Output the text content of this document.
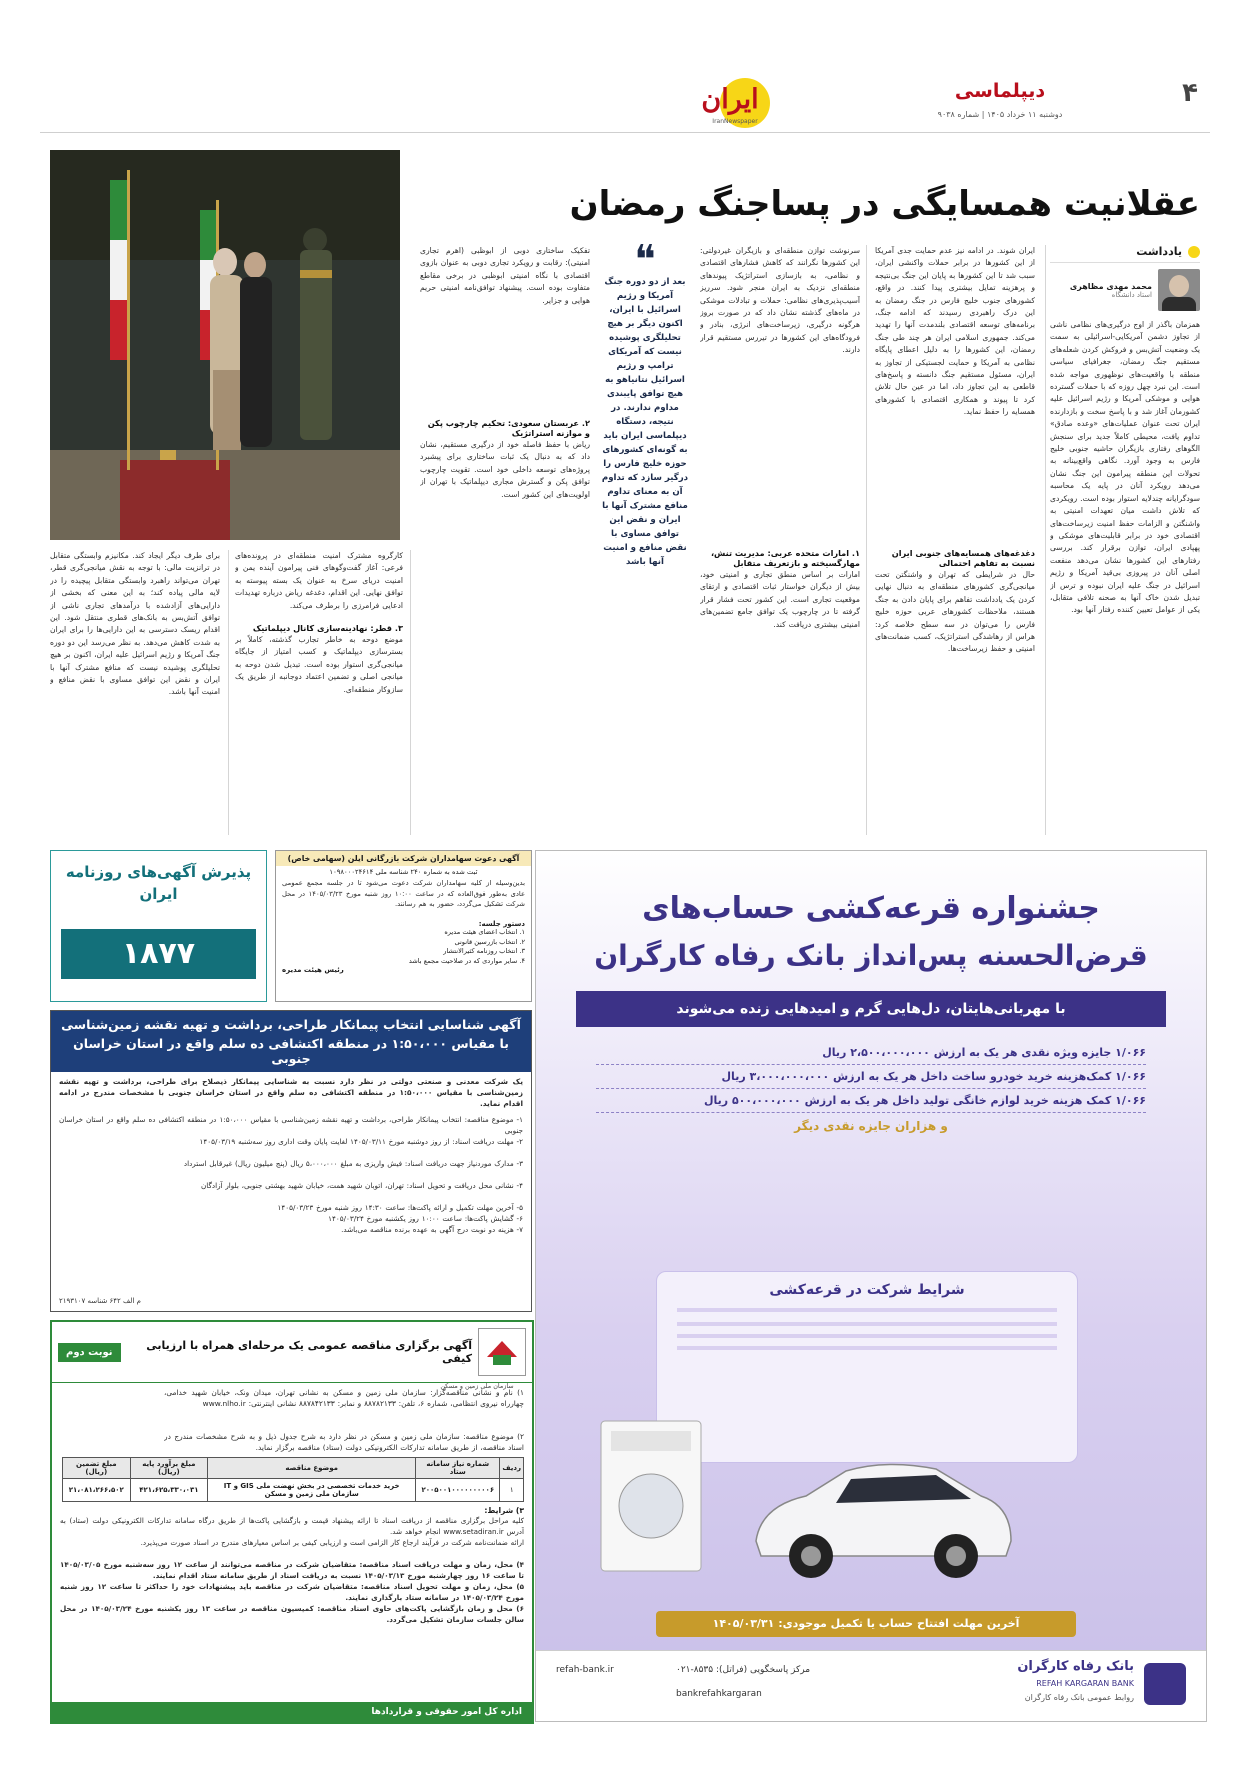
۴
دیپلماسی
دوشنبه ۱۱ خرداد ۱۴۰۵ | شماره ۹۰۳۸
ایران
IranNewspaper
عقلانیت همسایگی در پساجنگ رمضان
یادداشت
محمد مهدی مظاهری
استاد دانشگاه
همزمان باگذر از اوج درگیری‌های نظامی ناشی از تجاوز دشمن آمریکایی-اسرائیلی به سمت یک وضعیت آتش‌بس و فروکش کردن شعله‌های مستقیم جنگ رمضان، جغرافیای سیاسی منطقه با واقعیت‌های نوظهوری مواجه شده است. این نبرد چهل روزه که با حملات گسترده هوایی و موشکی آمریکا و رژیم اسرائیل علیه کشورمان آغاز شد و با پاسخ سخت و بازدارنده ایران تحت عنوان عملیات‌های «وعده صادق» تداوم یافت، محیطی کاملاً جدید برای سنجش الگوهای رفتاری بازیگران حاشیه جنوبی خلیج فارس به وجود آورد. نگاهی واقع‌بینانه به تحولات این منطقه پیرامون این جنگ نشان می‌دهد رویکرد آنان در پایه یک محاسبه سودگرایانه چندلایه استوار بوده است. رویکردی که تلاش داشت میان تعهدات امنیتی به واشنگتن و الزامات حفظ امنیت زیرساخت‌های اقتصادی خود در برابر قابلیت‌های موشکی و پهپادی ایران، توازن برقرار کند. بررسی رفتارهای این کشورها نشان می‌دهد منفعت اصلی آنان در پیروزی بی‌قید آمریکا و رژیم اسرائیل در جنگ علیه ایران نبوده و ترس از تبدیل شدن خاک آنها به صحنه تلافی متقابل، یکی از عوامل تعیین کننده رفتار آنها بود.
ایران شوند. در ادامه نیز عدم حمایت جدی آمریکا از این کشورها در برابر حملات واکنشی ایران، سبب شد تا این کشورها به پایان این جنگ بی‌نتیجه و پرهزینه تمایل بیشتری پیدا کنند. در واقع، کشورهای جنوب خلیج فارس در جنگ رمضان به این درک راهبردی رسیدند که ادامه جنگ، برنامه‌های توسعه اقتصادی بلندمدت آنها را تهدید می‌کند. جمهوری اسلامی ایران هر چند طی جنگ رمضان، این کشورها را به دلیل اعطای پایگاه نظامی به آمریکا و حمایت لجستیکی از تجاوز به ایران، مسئول مستقیم جنگ دانسته و پاسخ‌های قاطعی به این تجاوز داد، اما در عین حال تلاش کرد تا پیوند و همکاری اقتصادی با کشورهای همسایه را حفظ نماید.
دغدغه‌های همسایه‌های جنوبی ایران نسبت به تفاهم احتمالی
حال در شرایطی که تهران و واشنگتن تحت میانجی‌گری کشورهای منطقه‌ای به دنبال نهایی کردن یک یادداشت تفاهم برای پایان دادن به جنگ هستند، ملاحظات کشورهای عربی حوزه خلیج فارس را می‌توان در سه سطح خلاصه کرد: هراس از رهاشدگی استراتژیک، کسب ضمانت‌های امنیتی و حفظ زیرساخت‌ها.
سرنوشت توازن منطقه‌ای و بازیگران غیردولتی: این کشورها نگرانند که کاهش فشارهای اقتصادی و نظامی، به بازسازی استراتژیک پیوندهای منطقه‌ای نزدیک به ایران منجر شود. سرریز آسیب‌پذیری‌های نظامی: حملات و تبادلات موشکی در ماه‌های گذشته نشان داد که در صورت بروز هرگونه درگیری، زیرساخت‌های انرژی، بنادر و فرودگاه‌های این کشورها در تیررس مستقیم قرار دارند.
۱. امارات متحده عربی: مدیریت تنش، مهارگسیخته و بازتعریف متقابل
امارات بر اساس منطق تجاری و امنیتی خود، بیش از دیگران خواستار ثبات اقتصادی و ارتقای موقعیت تجاری است. این کشور تحت فشار قرار گرفته تا در چارچوب یک توافق جامع تضمین‌های امنیتی بیشتری دریافت کند.
❝
بعد از دو دوره جنگ آمریکا و رژیم اسرائیل با ایران، اکنون دیگر بر هیچ تحلیلگری پوشیده نیست که آمریکای ترامپ و رژیم اسرائیل نتانیاهو به هیچ توافق پایبندی مداوم ندارند. در نتیجه، دستگاه دیپلماسی ایران باید به گونه‌ای کشورهای حوزه خلیج فارس را درگیر سازد که تداوم آن به معنای تداوم منافع مشترک آنها با ایران و نقض این توافق مساوی با نقض منافع و امنیت آنها باشد
تفکیک ساختاری دوبی از ابوظبی (اهرم تجاری امنیتی): رقابت و رویکرد تجاری دوبی به عنوان بازوی اقتصادی با نگاه امنیتی ابوظبی در برخی مقاطع متفاوت بوده است. پیشنهاد توافق‌نامه امنیتی حریم هوایی و جزایر.
۲. عربستان سعودی: تحکیم چارچوب پکن و موازنه استراتژیک
ریاض با حفظ فاصله خود از درگیری مستقیم، نشان داد که به دنبال یک ثبات ساختاری برای پیشبرد پروژه‌های توسعه داخلی خود است. تقویت چارچوب توافق پکن و گسترش مجاری دیپلماتیک با تهران از اولویت‌های این کشور است.
کارگروه مشترک امنیت منطقه‌ای در پرونده‌های فرعی: آغاز گفت‌وگوهای فنی پیرامون آینده یمن و امنیت دریای سرخ به عنوان یک بسته پیوسته به توافق نهایی. این اقدام، دغدغه ریاض درباره تهدیدات ادعایی فرامرزی را برطرف می‌کند.
۳. قطر: نهادینه‌سازی کانال دیپلماتیک
موضع دوحه به خاطر تجارب گذشته، کاملاً بر بسترسازی دیپلماتیک و کسب امتیاز از جایگاه میانجی‌گری استوار بوده است. تبدیل شدن دوحه به میانجی اصلی و تضمین اعتماد دوجانبه از طریق یک سازوکار منطقه‌ای.
برای طرف دیگر ایجاد کند. مکانیزم وابستگی متقابل در ترانزیت مالی: با توجه به نقش میانجی‌گری قطر، تهران می‌تواند راهبرد وابستگی متقابل پیچیده‌ را در لایه مالی پیاده کند؛ به این معنی که بخشی از دارایی‌های آزادشده با درآمدهای تجاری ناشی از توافق آتش‌بس به بانک‌های قطری منتقل شود. این اقدام ریسک دسترسی به این دارایی‌ها را برای ایران به شدت کاهش می‌دهد. به نظر می‌رسد این دو دوره جنگ آمریکا و رژیم اسرائیل علیه ایران، اکنون بر هیچ تحلیلگری پوشیده نیست که منافع مشترک آنها با ایران و نقض این توافق مساوی با نقض منافع و امنیت آنها باشد.
جشنواره قرعه‌کشی حساب‌های
قرض‌الحسنه پس‌انداز بانک رفاه کارگران
با مهربانی‌هایتان، دل‌هایی گرم و امیدهایی زنده می‌شوند
۱/۰۶۶ جایزه ویژه نقدی هر یک به ارزش ۲،۵۰۰،۰۰۰،۰۰۰ ریال
۱/۰۶۶ کمک‌هزینه خرید خودرو ساخت داخل هر یک به ارزش ۳،۰۰۰،۰۰۰،۰۰۰ ریال
۱/۰۶۶ کمک هزینه خرید لوازم خانگی تولید داخل هر یک به ارزش ۵۰۰،۰۰۰،۰۰۰ ریال
و هزاران جایزه نقدی دیگر
شرایط شرکت در قرعه‌کشی
آخرین مهلت افتتاح حساب یا تکمیل موجودی: ۱۴۰۵/۰۳/۳۱
بانک رفاه کارگران
REFAH KARGARAN BANK
روابط عمومی بانک رفاه کارگران
refah-bank.ir	مرکز پاسخگویی (فراتل): ۸۵۳۵-۰۲۱
bankrefahkargaran
پذیرش آگهی‌های روزنامه ایران
۱۸۷۷
آگهی دعوت سهامداران شرکت بازرگانی ایلن (سهامی خاص)
ثبت شده به شماره ۲۴۰ شناسه ملی ۱۰۹۸۰۰۰۲۴۶۱۴
بدین‌وسیله از کلیه سهامداران شرکت دعوت می‌شود تا در جلسه مجمع عمومی عادی به‌طور فوق‌العاده که در ساعت ۱۰:۰۰ روز شنبه مورخ ۱۴۰۵/۰۳/۲۳ در محل شرکت تشکیل می‌گردد، حضور به هم رسانند.
دستور جلسه:
۱. انتخاب اعضای هیئت مدیره
۲. انتخاب بازرسین قانونی
۳. انتخاب روزنامه کثیرالانتشار
۴. سایر مواردی که در صلاحیت مجمع باشد
رئیس هیئت مدیره
آگهی شناسایی انتخاب پیمانکار طراحی، برداشت و تهیه نقشه زمین‌شناسی
با مقیاس ۱:۵۰،۰۰۰ در منطقه اکتشافی ده سلم واقع در استان خراسان جنوبی
یک شرکت معدنی و صنعتی دولتی در نظر دارد نسبت به شناسایی پیمانکار ذیصلاح برای طراحی، برداشت و تهیه نقشه زمین‌شناسی با مقیاس ۱:۵۰،۰۰۰ در منطقه اکتشافی ده سلم واقع در استان خراسان جنوبی با مشخصات مندرج در ادامه اقدام نماید.
۱- موضوع مناقصه: انتخاب پیمانکار طراحی، برداشت و تهیه نقشه زمین‌شناسی با مقیاس ۱:۵۰،۰۰۰ در منطقه اکتشافی ده سلم واقع در استان خراسان جنوبی
۲- مهلت دریافت اسناد: از روز دوشنبه مورخ ۱۴۰۵/۰۳/۱۱ لغایت پایان وقت اداری روز سه‌شنبه ۱۴۰۵/۰۳/۱۹
۳- مدارک موردنیاز جهت دریافت اسناد: فیش واریزی به مبلغ ۵،۰۰۰،۰۰۰ ریال (پنج میلیون ریال) غیرقابل استرداد
۴- نشانی محل دریافت و تحویل اسناد: تهران، اتوبان شهید همت، خیابان شهید بهشتی جنوبی، بلوار آزادگان
۵- آخرین مهلت تکمیل و ارائه پاکت‌ها: ساعت ۱۴:۳۰ روز شنبه مورخ ۱۴۰۵/۰۳/۲۳
۶- گشایش پاکت‌ها: ساعت ۱۰:۰۰ روز یکشنبه مورخ ۱۴۰۵/۰۳/۲۴
۷- هزینه دو نوبت درج آگهی به عهده برنده مناقصه می‌باشد.
م الف ۶۴۲ شناسه ۲۱۹۳۱۰۷
آگهی برگزاری مناقصه عمومی یک مرحله‌ای همراه با ارزیابی کیفی
نوبت دوم
سازمان ملی زمین و مسکن
۱) نام و نشانی مناقصه‌گزار: سازمان ملی زمین و مسکن به نشانی تهران، میدان ونک، خیابان شهید خدامی، چهارراه نیروی انتظامی، شماره ۶، تلفن: ۸۸۷۸۲۱۳۳ و نمابر: ۸۸۷۸۴۲۱۳۳ نشانی اینترنتی: www.nlho.ir
۲) موضوع مناقصه: سازمان ملی زمین و مسکن در نظر دارد به شرح جدول ذیل و به شرح مشخصات مندرج در اسناد مناقصه، از طریق سامانه تدارکات الکترونیکی دولت (ستاد) مناقصه برگزار نماید.
ردیف	شماره نیاز سامانه ستاد	موضوع مناقصه	مبلغ برآورد پایه (ریال)	مبلغ تضمین (ریال)
۱	۲۰۰۵۰۰۱۰۰۰۰۰۰۰۰۰۶	خرید خدمات تخصصی در بخش نهضت ملی GIS و IT سازمان ملی زمین و مسکن	۴۲۱،۶۲۵،۳۳۰،۰۳۱	۲۱،۰۸۱،۲۶۶،۵۰۲
۳) شرایط:
کلیه مراحل برگزاری مناقصه از دریافت اسناد تا ارائه پیشنهاد قیمت و بازگشایی پاکت‌ها از طریق درگاه سامانه تدارکات الکترونیکی دولت (ستاد) به آدرس www.setadiran.ir انجام خواهد شد.
ارائه ضمانت‌نامه شرکت در فرآیند ارجاع کار الزامی است و ارزیابی کیفی بر اساس معیارهای مندرج در اسناد صورت می‌پذیرد.
۴) محل، زمان و مهلت دریافت اسناد مناقصه: متقاضیان شرکت در مناقصه می‌توانند از ساعت ۱۲ روز سه‌شنبه مورخ ۱۴۰۵/۰۳/۰۵ تا ساعت ۱۶ روز چهارشنبه مورخ ۱۴۰۵/۰۳/۱۳ نسبت به دریافت اسناد از طریق سامانه ستاد اقدام نمایند.
۵) محل، زمان و مهلت تحویل اسناد مناقصه: متقاضیان شرکت در مناقصه باید پیشنهادات خود را حداکثر تا ساعت ۱۲ روز شنبه مورخ ۱۴۰۵/۰۳/۲۴ در سامانه ستاد بارگذاری نمایند.
۶) محل و زمان بازگشایی پاکت‌های حاوی اسناد مناقصه: کمیسیون مناقصه در ساعت ۱۳ روز یکشنبه مورخ ۱۴۰۵/۰۳/۲۴ در محل سالن جلسات سازمان تشکیل می‌گردد.
اداره کل امور حقوقی و قراردادها
